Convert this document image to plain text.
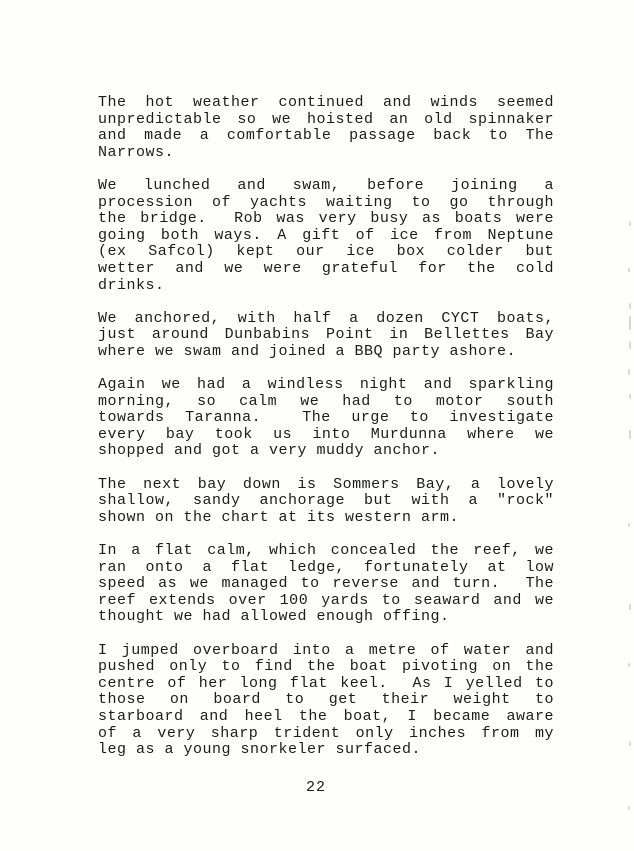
The hot weather continued and winds seemed
unpredictable so we hoisted an old spinnaker
and made a comfortable passage back to The
Narrows.
We lunched and swam, before joining a
procession of yachts waiting to go through
the bridge.  Rob was very busy as boats were
going both ways. A gift of ice from Neptune
(ex Safcol) kept our ice box colder but
wetter and we were grateful for the cold
drinks.
We anchored, with half a dozen CYCT boats,
just around Dunbabins Point in Bellettes Bay
where we swam and joined a BBQ party ashore.
Again we had a windless night and sparkling
morning, so calm we had to motor south
towards Taranna.  The urge to investigate
every bay took us into Murdunna where we
shopped and got a very muddy anchor.
The next bay down is Sommers Bay, a lovely
shallow, sandy anchorage but with a "rock"
shown on the chart at its western arm.
In a flat calm, which concealed the reef, we
ran onto a flat ledge, fortunately at low
speed as we managed to reverse and turn.  The
reef extends over 100 yards to seaward and we
thought we had allowed enough offing.
I jumped overboard into a metre of water and
pushed only to find the boat pivoting on the
centre of her long flat keel.  As I yelled to
those on board to get their weight to
starboard and heel the boat, I became aware
of a very sharp trident only inches from my
leg as a young snorkeler surfaced.
22
